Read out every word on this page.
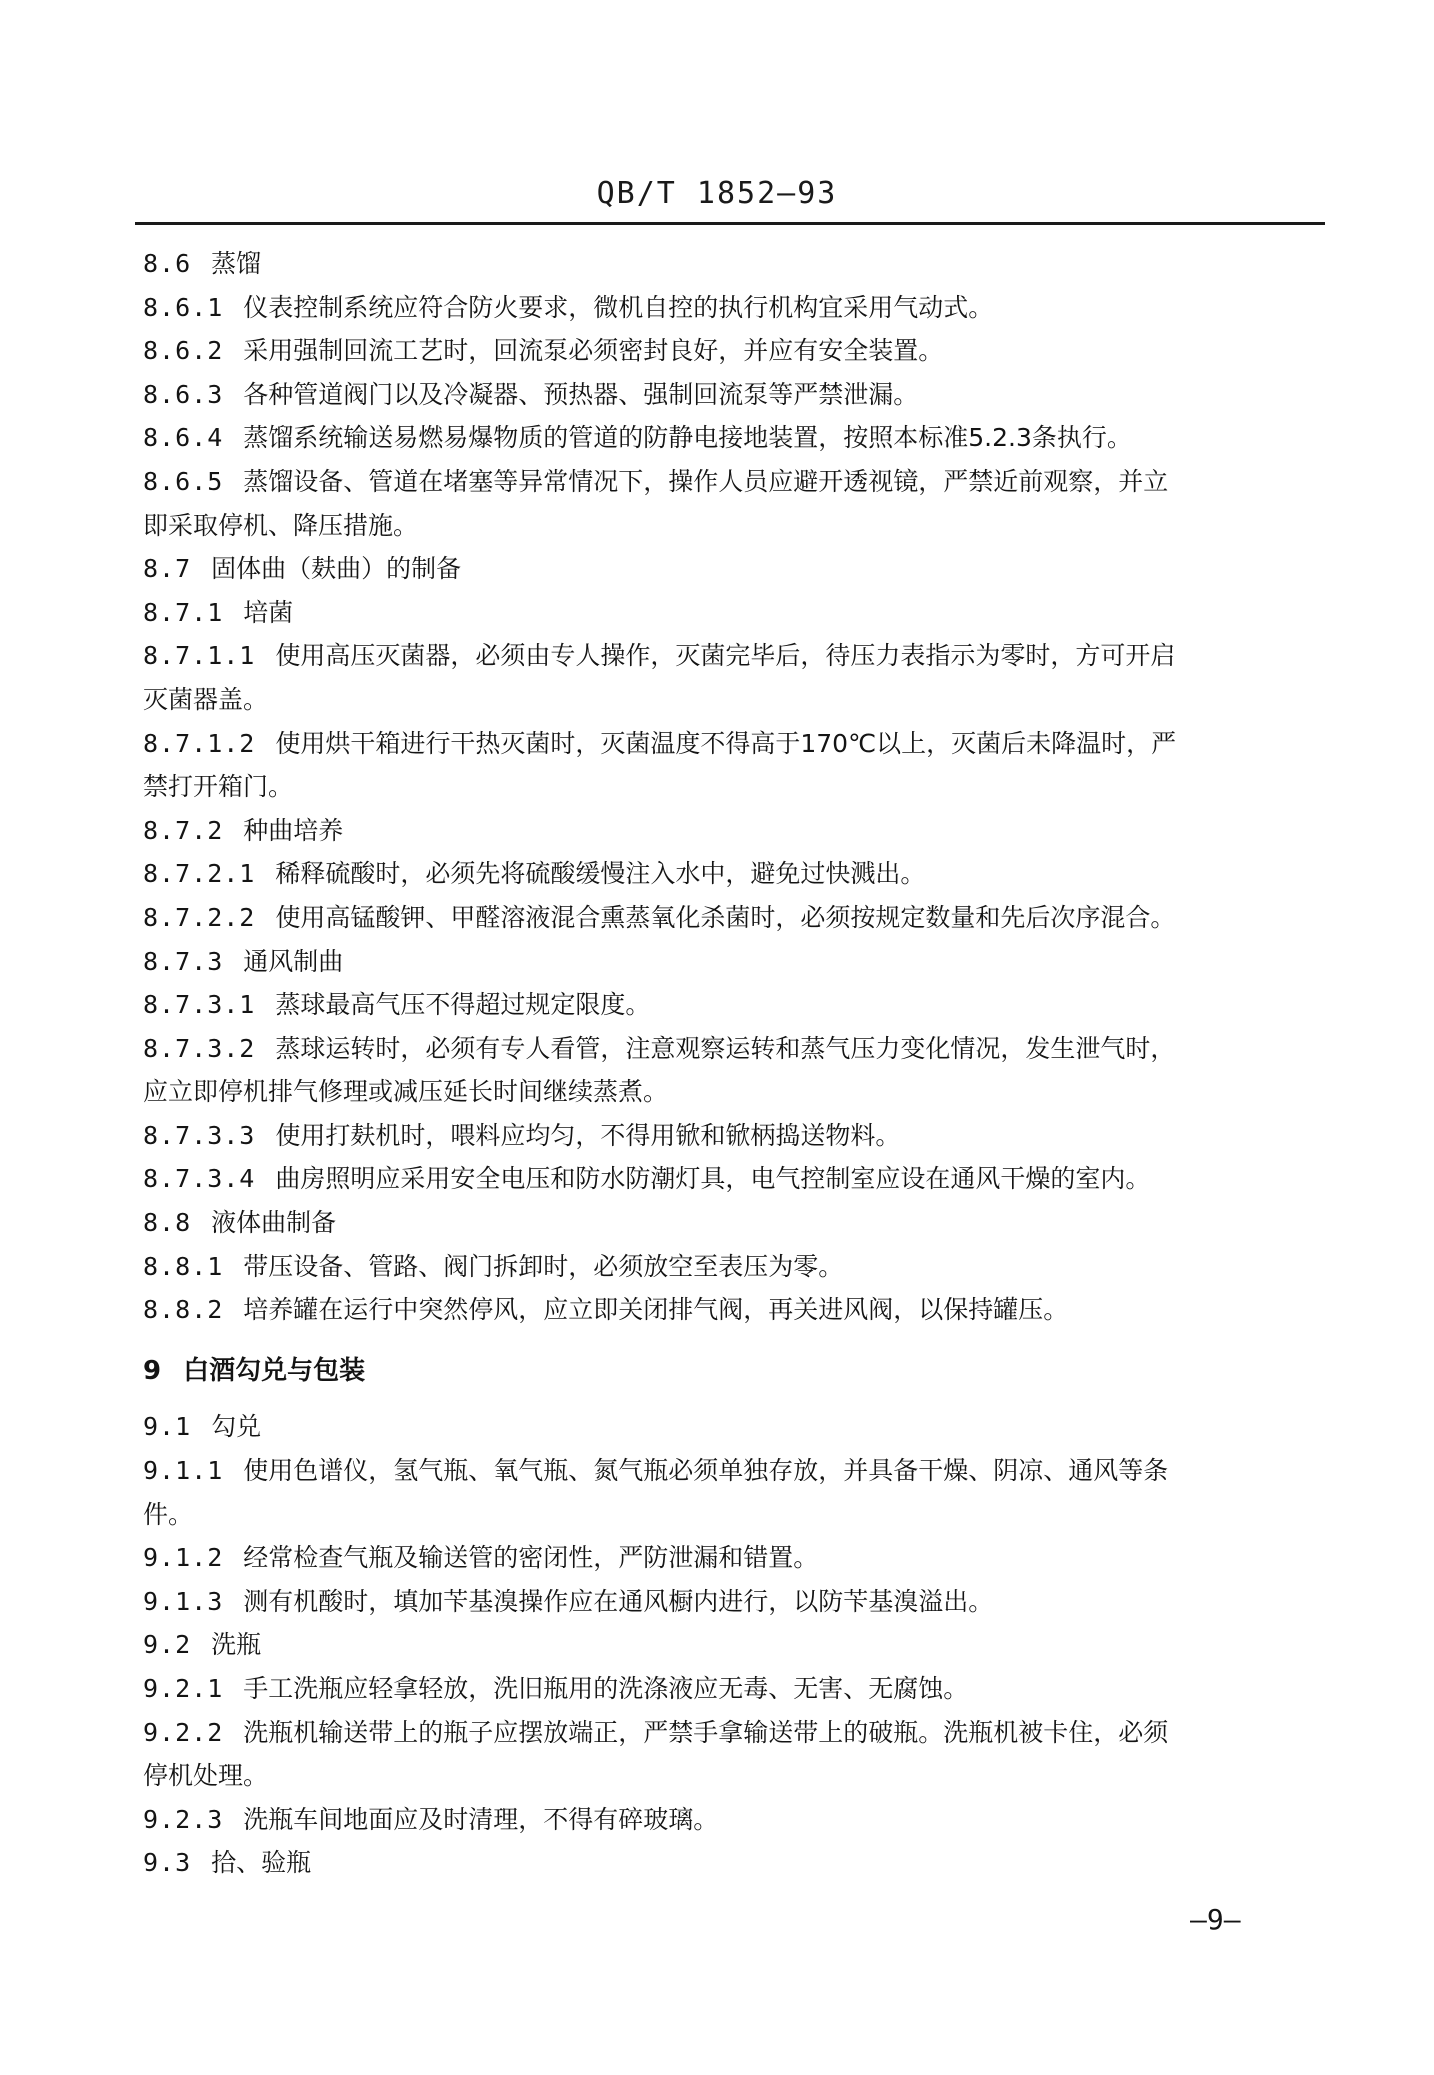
QB/T 1852—93

8.6 蒸馏

8.6.1 仪表控制系统应符合防火要求，微机自控的执行机构宜采用气动式。

8.6.2 采用强制回流工艺时，回流泵必须密封良好，并应有安全装置。

8.6.3 各种管道阀门以及冷凝器、预热器、强制回流泵等严禁泄漏。

8.6.4 蒸馏系统输送易燃易爆物质的管道的防静电接地装置，按照本标准5.2.3条执行。

8.6.5 蒸馏设备、管道在堵塞等异常情况下，操作人员应避开透视镜，严禁近前观察，并立

即采取停机、降压措施。

8.7 固体曲（麸曲）的制备

8.7.1 培菌

8.7.1.1 使用高压灭菌器，必须由专人操作，灭菌完毕后，待压力表指示为零时，方可开启

灭菌器盖。

8.7.1.2 使用烘干箱进行干热灭菌时，灭菌温度不得高于170℃以上，灭菌后未降温时，严

禁打开箱门。

8.7.2 种曲培养

8.7.2.1 稀释硫酸时，必须先将硫酸缓慢注入水中，避免过快溅出。

8.7.2.2 使用高锰酸钾、甲醛溶液混合熏蒸氧化杀菌时，必须按规定数量和先后次序混合。

8.7.3 通风制曲

8.7.3.1 蒸球最高气压不得超过规定限度。

8.7.3.2 蒸球运转时，必须有专人看管，注意观察运转和蒸气压力变化情况，发生泄气时，

应立即停机排气修理或减压延长时间继续蒸煮。

8.7.3.3 使用打麸机时，喂料应均匀，不得用锨和锨柄捣送物料。

8.7.3.4 曲房照明应采用安全电压和防水防潮灯具，电气控制室应设在通风干燥的室内。

8.8 液体曲制备

8.8.1 带压设备、管路、阀门拆卸时，必须放空至表压为零。

8.8.2 培养罐在运行中突然停风，应立即关闭排气阀，再关进风阀，以保持罐压。

9 白酒勾兑与包装

9.1 勾兑

9.1.1 使用色谱仪，氢气瓶、氧气瓶、氮气瓶必须单独存放，并具备干燥、阴凉、通风等条

件。

9.1.2 经常检查气瓶及输送管的密闭性，严防泄漏和错置。

9.1.3 测有机酸时，填加苄基溴操作应在通风橱内进行，以防苄基溴溢出。

9.2 洗瓶

9.2.1 手工洗瓶应轻拿轻放，洗旧瓶用的洗涤液应无毒、无害、无腐蚀。

9.2.2 洗瓶机输送带上的瓶子应摆放端正，严禁手拿输送带上的破瓶。洗瓶机被卡住，必须

停机处理。

9.2.3 洗瓶车间地面应及时清理，不得有碎玻璃。

9.3 拾、验瓶

—9—
